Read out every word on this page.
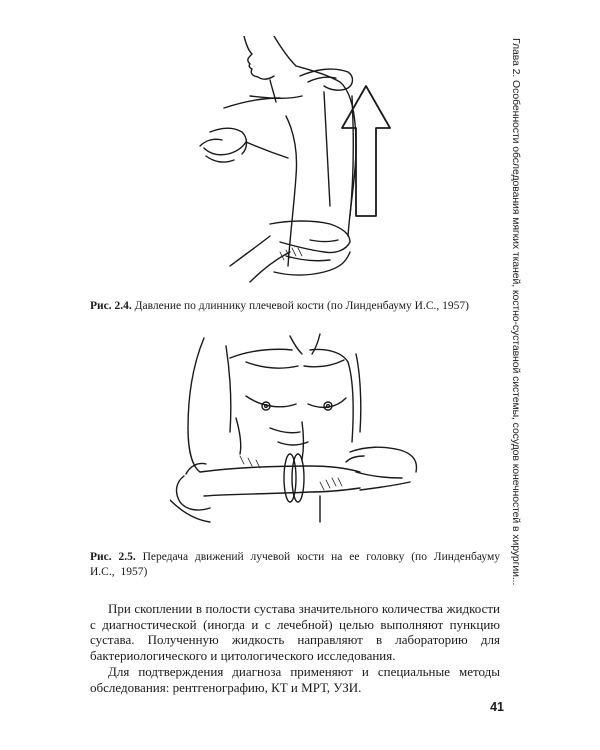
Глава 2. Особенности обследования мягких тканей, костно-суставной системы, сосудов конечностей в хирургии...
Рис. 2.4. Давление по длиннику плечевой кости (по Линденбауму И.С., 1957)
Рис. 2.5. Передача движений лучевой кости на ее головку (по Линденбауму И.С., 1957)

При скоплении в полости сустава значительного количества жидкости с диагностической (иногда и с лечебной) целью выполняют пункцию сустава. Полученную жидкость направляют в лабораторию для бактериологического и цитологического исследования.

Для подтверждения диагноза применяют и специальные методы обследования: рентгенографию, КТ и МРТ, УЗИ.

41
